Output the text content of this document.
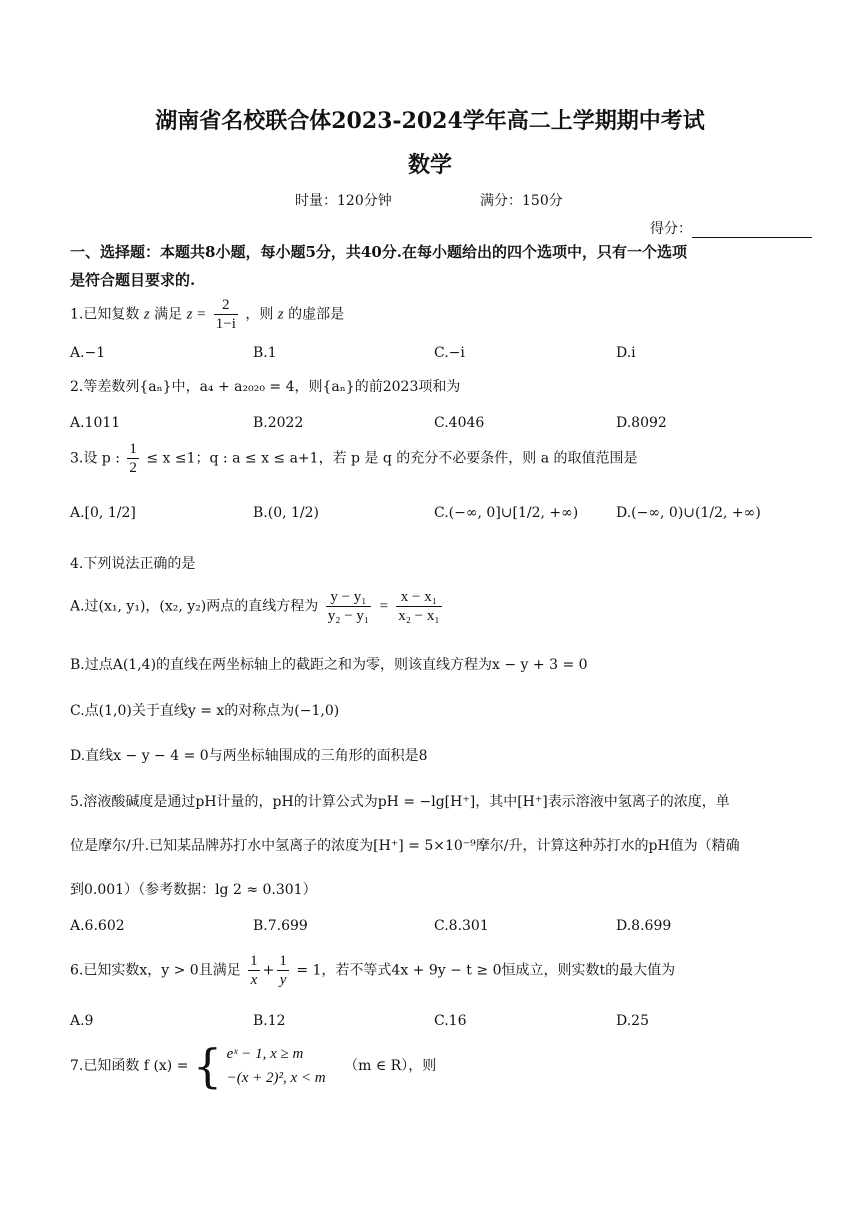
湖南省名校联合体2023-2024学年高二上学期期中考试
数学
时量：120分钟	满分：150分
得分：
一、选择题：本题共8小题，每小题5分，共40分.在每小题给出的四个选项中，只有一个选项
是符合题目要求的.
1.已知复数 z 满足 $z = \frac{2}{1-i}$ ，则 z 的虚部是
A.−1	B.1	C.−i	D.i
2.等差数列{aₙ}中，a₄ + a₂₀₂₀ = 4，则{aₙ}的前2023项和为
A.1011	B.2022	C.4046	D.8092
3.设 p : $\frac{1}{2} \le x \le 1$；q : a ≤ x ≤ a+1，若 p 是 q 的充分不必要条件，则 a 的取值范围是
A.[0, 1/2]	B.(0, 1/2)	C.(−∞, 0]∪[1/2, +∞)	D.(−∞, 0)∪(1/2, +∞)
4.下列说法正确的是
A.过(x₁, y₁)，(x₂, y₂)两点的直线方程为 $\frac{\text{y − y₁}}{\text{y₂ − y₁}} = \frac{\text{x − x₁}}{\text{x₂ − x₁}}$
B.过点A(1,4)的直线在两坐标轴上的截距之和为零，则该直线方程为x − y + 3 = 0
C.点(1,0)关于直线y = x的对称点为(−1,0)
D.直线x − y − 4 = 0与两坐标轴围成的三角形的面积是8
5.溶液酸碱度是通过pH计量的，pH的计算公式为pH = −lg[H⁺]，其中[H⁺]表示溶液中氢离子的浓度，单
位是摩尔/升.已知某品牌苏打水中氢离子的浓度为[H⁺] = 5×10⁻⁹摩尔/升，计算这种苏打水的pH值为（精确
到0.001）（参考数据：lg 2 ≈ 0.301）
A.6.602	B.7.699	C.8.301	D.8.699
6.已知实数x，y > 0且满足 $\frac{1}{x} + \frac{1}{y} = 1$，若不等式4x + 9y − t ≥ 0恒成立，则实数t的最大值为
A.9	B.12	C.16	D.25
7.已知函数 f (x) = { eˣ − 1, x ≥ m
−(x + 2)², x < m
（m ∈ R），则
